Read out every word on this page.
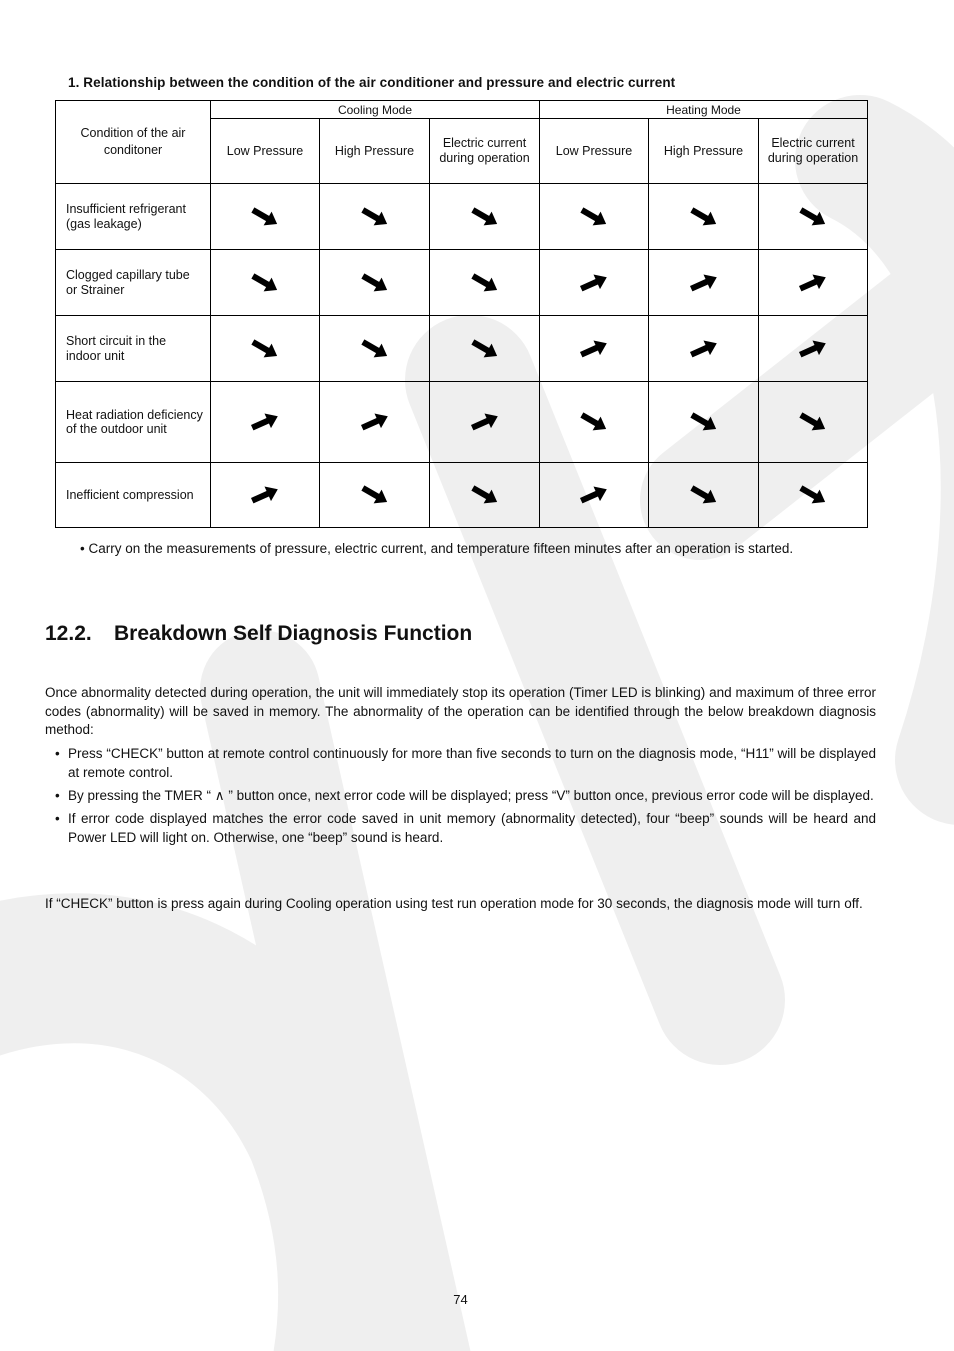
1. Relationship between the condition of the air conditioner and pressure and electric current
Condition of the air conditoner	Cooling Mode			Heating Mode		
	Low Pressure	High Pressure	Electric current during operation	Low Pressure	High Pressure	Electric current during operation
Insufficient refrigerant (gas leakage)	

Clogged capillary tube or Strainer	

Short circuit in the indoor unit	

Heat radiation deficiency of the outdoor unit	

Inefficient compression	

• Carry on the measurements of pressure, electric current, and temperature fifteen minutes after an operation is started.
12.2. Breakdown Self Diagnosis Function
Once abnormality detected during operation, the unit will immediately stop its operation (Timer LED is blinking) and maximum of three error codes (abnormality) will be saved in memory. The abnormality of the operation can be identified through the below breakdown diagnosis method:
• Press “CHECK” button at remote control continuously for more than five seconds to turn on the diagnosis mode, “H11” will be displayed at remote control.
• By pressing the TMER “ ∧ ” button once, next error code will be displayed; press “V” button once, previous error code will be displayed.
• If error code displayed matches the error code saved in unit memory (abnormality detected), four “beep” sounds will be heard and Power LED will light on. Otherwise, one “beep” sound is heard.
If “CHECK” button is press again during Cooling operation using test run operation mode for 30 seconds, the diagnosis mode will turn off.
74
